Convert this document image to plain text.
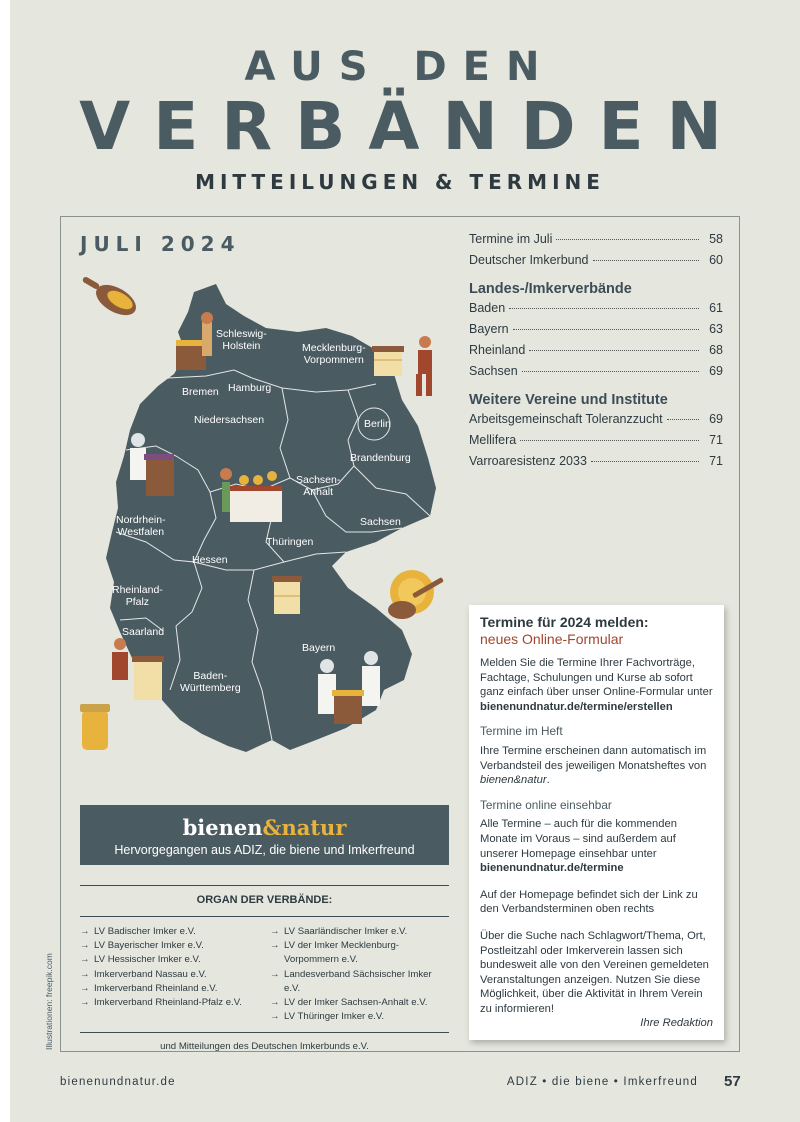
AUS DEN
VERBÄNDEN
MITTEILUNGEN & TERMINE
JULI 2024	Termine im Juli	58
Deutscher Imkerbund	60
Landes-/Imkerverbände
Baden	61
Bayern	63
Rheinland	68
Sachsen	69
Weitere Vereine und Institute
Arbeitsgemeinschaft Toleranzzucht	69
Mellifera	71
Varroaresistenz 2033	71
Schleswig-
Holstein	Mecklenburg-
Vorpommern
Bremen Hamburg
Niedersachsen	Berlin
Brandenburg
Sachsen-
Anhalt
Nordrhein-
Westfalen
Sachsen
Thüringen
Hessen
Rheinland-
Pfalz
Saarland
Bayern
Baden-
Württemberg
bienen&natur
Hervorgegangen aus ADIZ, die biene und Imkerfreund
ORGAN DER VERBÄNDE:
→ LV Badischer Imker e.V.
→ LV Bayerischer Imker e.V.
→ LV Hessischer Imker e.V.
→ Imkerverband Nassau e.V.
→ Imkerverband Rheinland e.V.
→ Imkerverband Rheinland-Pfalz e.V.
→ LV Saarländischer Imker e.V.
→ LV der Imker Mecklenburg-
Vorpommern e.V.
→ Landesverband Sächsischer Imker e.V.
→ LV der Imker Sachsen-Anhalt e.V.
→ LV Thüringer Imker e.V.
und Mitteilungen des Deutschen Imkerbunds e.V.
Illustrationen: freepik.com
Termine für 2024 melden:
neues Online-Formular

Melden Sie die Termine Ihrer Fachvorträge, Fachtage, Schulungen und Kurse ab sofort ganz einfach über unser Online-Formular unter bienenundnatur.de/termine/erstellen

Termine im Heft

Ihre Termine erscheinen dann automatisch im Verbandsteil des jeweiligen Monatsheftes von bienen&natur.

Termine online einsehbar

Alle Termine – auch für die kommenden Monate im Voraus – sind außerdem auf unserer Homepage einsehbar unter bienenundnatur.de/termine

Auf der Homepage befindet sich der Link zu den Verbandsterminen oben rechts

Über die Suche nach Schlagwort/Thema, Ort, Postleitzahl oder Imkerverein lassen sich bundesweit alle von den Vereinen gemeldeten Veranstaltungen anzeigen. Nutzen Sie diese Möglichkeit, über die Aktivität in Ihrem Verein zu informieren!

Ihre Redaktion

bienenundnatur.de	ADIZ • die biene • Imkerfreund 57
